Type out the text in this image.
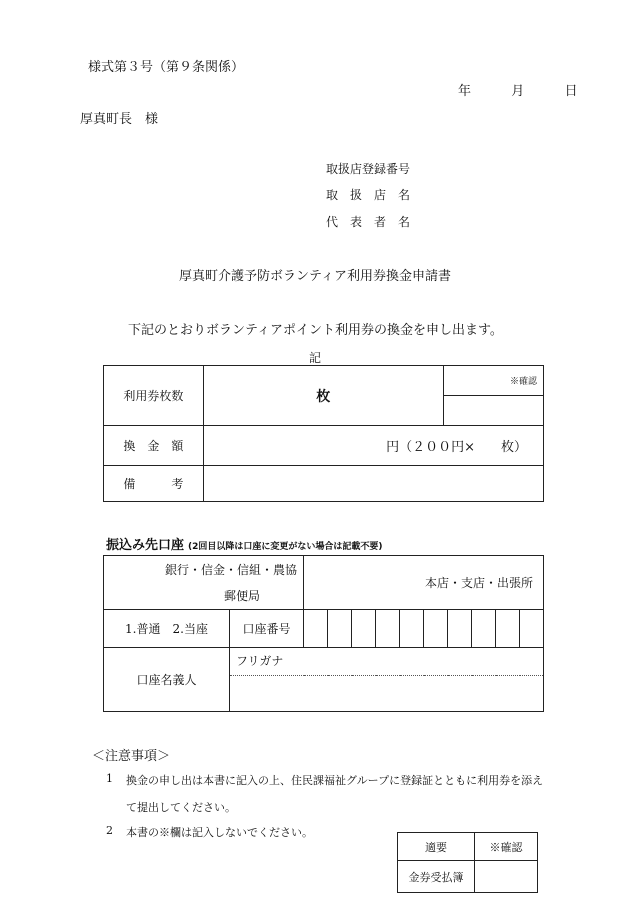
様式第３号（第９条関係）
年	月	日
厚真町長　様
取扱店登録番号
取　扱　店　名
代　表　者　名
厚真町介護予防ボランティア利用券換金申請書
下記のとおりボランティアポイント利用券の換金を申し出ます。
記
利用券枚数	枚	※確認

換　金　額	円（２００円×　　枚）	
備　　　考		
振込み先口座 (2回目以降は口座に変更がない場合は記載不要)
銀行・信金・信組・農協
郵便局		本店・支店・出張所									
1.普通　2.当座	口座番号										
口座名義人	フリガナ										

＜注意事項＞
1 換金の申し出は本書に記入の上、住民課福祉グループに登録証とともに利用券を添え
て提出してください。
2 本書の※欄は記入しないでください。
適要	※確認
金券受払簿	
